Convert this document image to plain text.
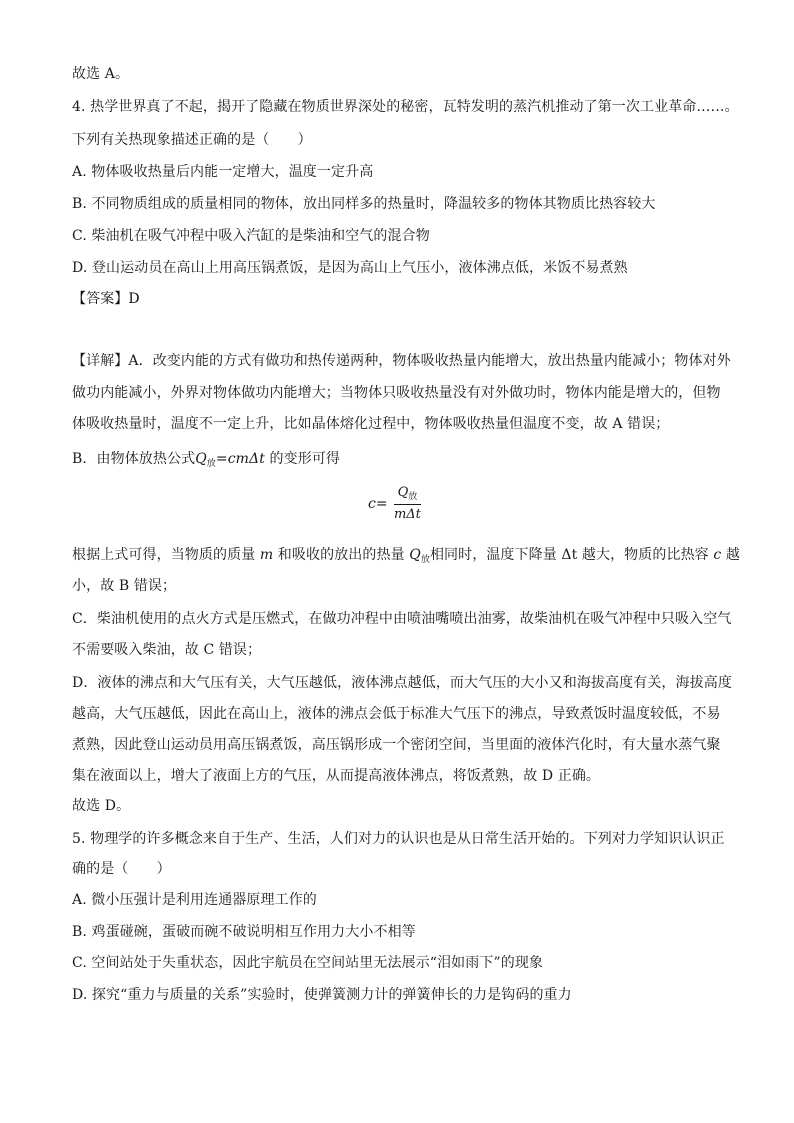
故选 A。
4. 热学世界真了不起，揭开了隐藏在物质世界深处的秘密，瓦特发明的蒸汽机推动了第一次工业革命……。
下列有关热现象描述正确的是（　　）
A. 物体吸收热量后内能一定增大，温度一定升高
B. 不同物质组成的质量相同的物体，放出同样多的热量时，降温较多的物体其物质比热容较大
C. 柴油机在吸气冲程中吸入汽缸的是柴油和空气的混合物
D. 登山运动员在高山上用高压锅煮饭，是因为高山上气压小，液体沸点低，米饭不易煮熟
【答案】D
【详解】A．改变内能的方式有做功和热传递两种，物体吸收热量内能增大，放出热量内能减小；物体对外
做功内能减小，外界对物体做功内能增大；当物体只吸收热量没有对外做功时，物体内能是增大的，但物
体吸收热量时，温度不一定上升，比如晶体熔化过程中，物体吸收热量但温度不变，故 A 错误；
B．由物体放热公式$Q_放=cm\Delta t$ 的变形可得
$c = \frac{Q_放}{\text{mΔt}}$
根据上式可得，当物质的质量 m 和吸收的放出的热量 $Q_放$相同时，温度下降量 Δt 越大，物质的比热容 c 越
小，故 B 错误；
C．柴油机使用的点火方式是压燃式，在做功冲程中由喷油嘴喷出油雾，故柴油机在吸气冲程中只吸入空气
不需要吸入柴油，故 C 错误；
D．液体的沸点和大气压有关，大气压越低，液体沸点越低，而大气压的大小又和海拔高度有关，海拔高度
越高，大气压越低，因此在高山上，液体的沸点会低于标准大气压下的沸点，导致煮饭时温度较低，不易
煮熟，因此登山运动员用高压锅煮饭，高压锅形成一个密闭空间，当里面的液体汽化时，有大量水蒸气聚
集在液面以上，增大了液面上方的气压，从而提高液体沸点，将饭煮熟，故 D 正确。
故选 D。
5. 物理学的许多概念来自于生产、生活，人们对力的认识也是从日常生活开始的。下列对力学知识认识正
确的是（　　）
A. 微小压强计是利用连通器原理工作的
B. 鸡蛋碰碗，蛋破而碗不破说明相互作用力大小不相等
C. 空间站处于失重状态，因此宇航员在空间站里无法展示“泪如雨下”的现象
D. 探究“重力与质量的关系”实验时，使弹簧测力计的弹簧伸长的力是钩码的重力
